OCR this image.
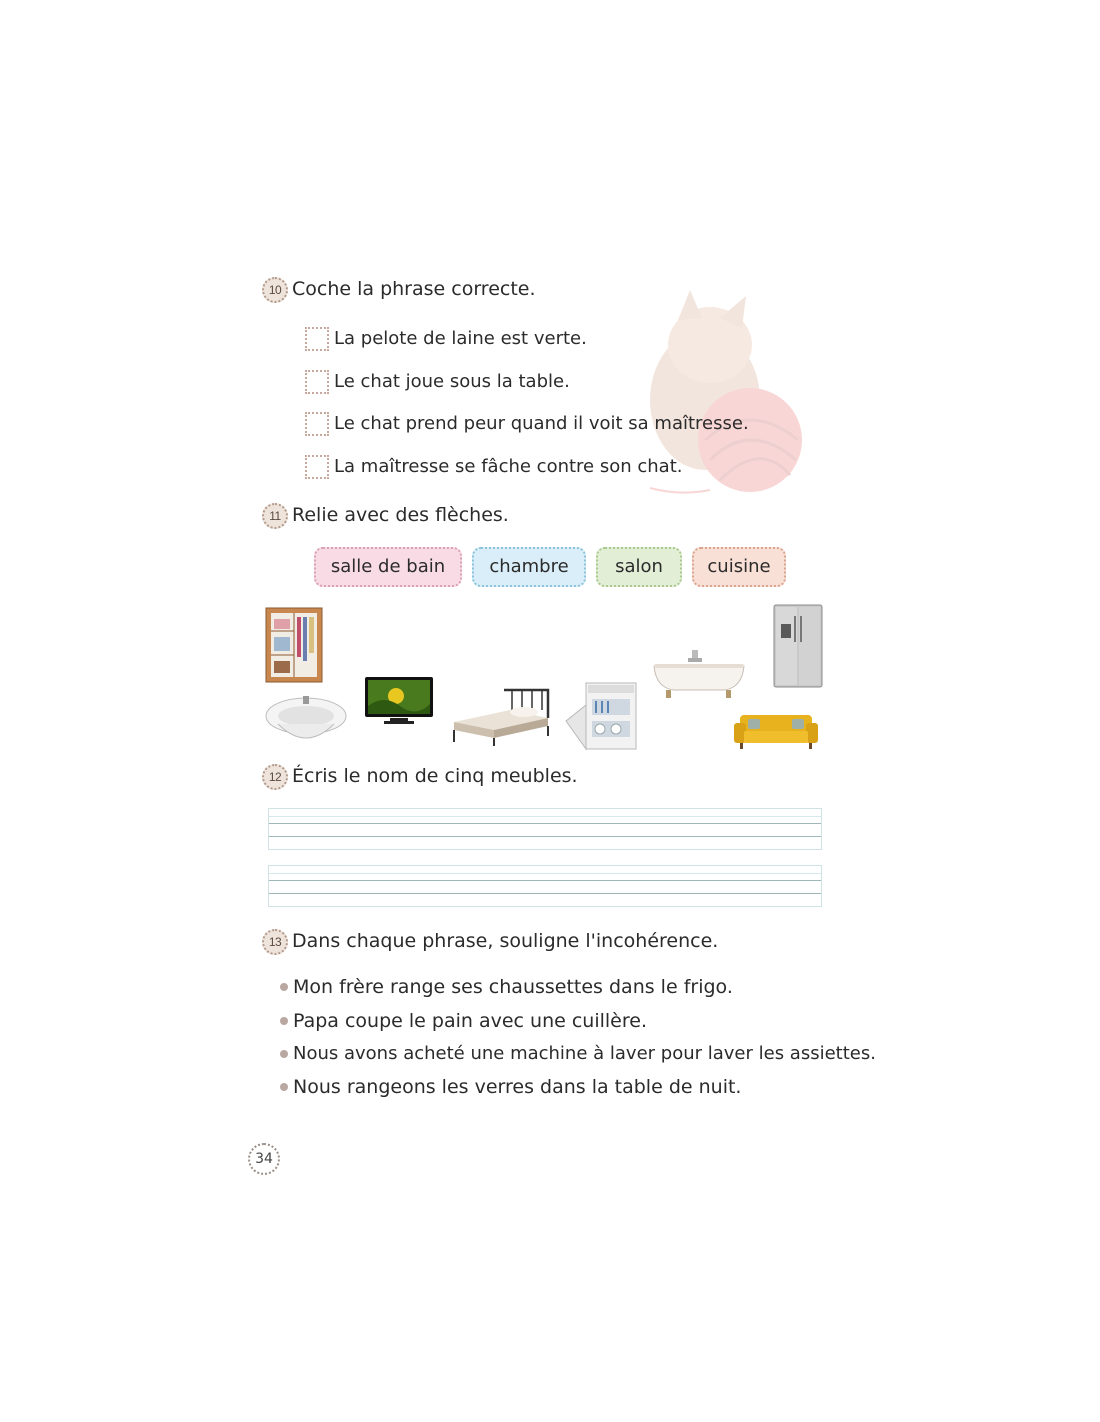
10 Coche la phrase correcte.
La pelote de laine est verte.
Le chat joue sous la table.
Le chat prend peur quand il voit sa maîtresse.
La maîtresse se fâche contre son chat.
11 Relie avec des flèches.
salle de bain	chambre	salon	cuisine
12 Écris le nom de cinq meubles.
13 Dans chaque phrase, souligne l'incohérence.
Mon frère range ses chaussettes dans le frigo.
Papa coupe le pain avec une cuillère.
Nous avons acheté une machine à laver pour laver les assiettes.
Nous rangeons les verres dans la table de nuit.
34
